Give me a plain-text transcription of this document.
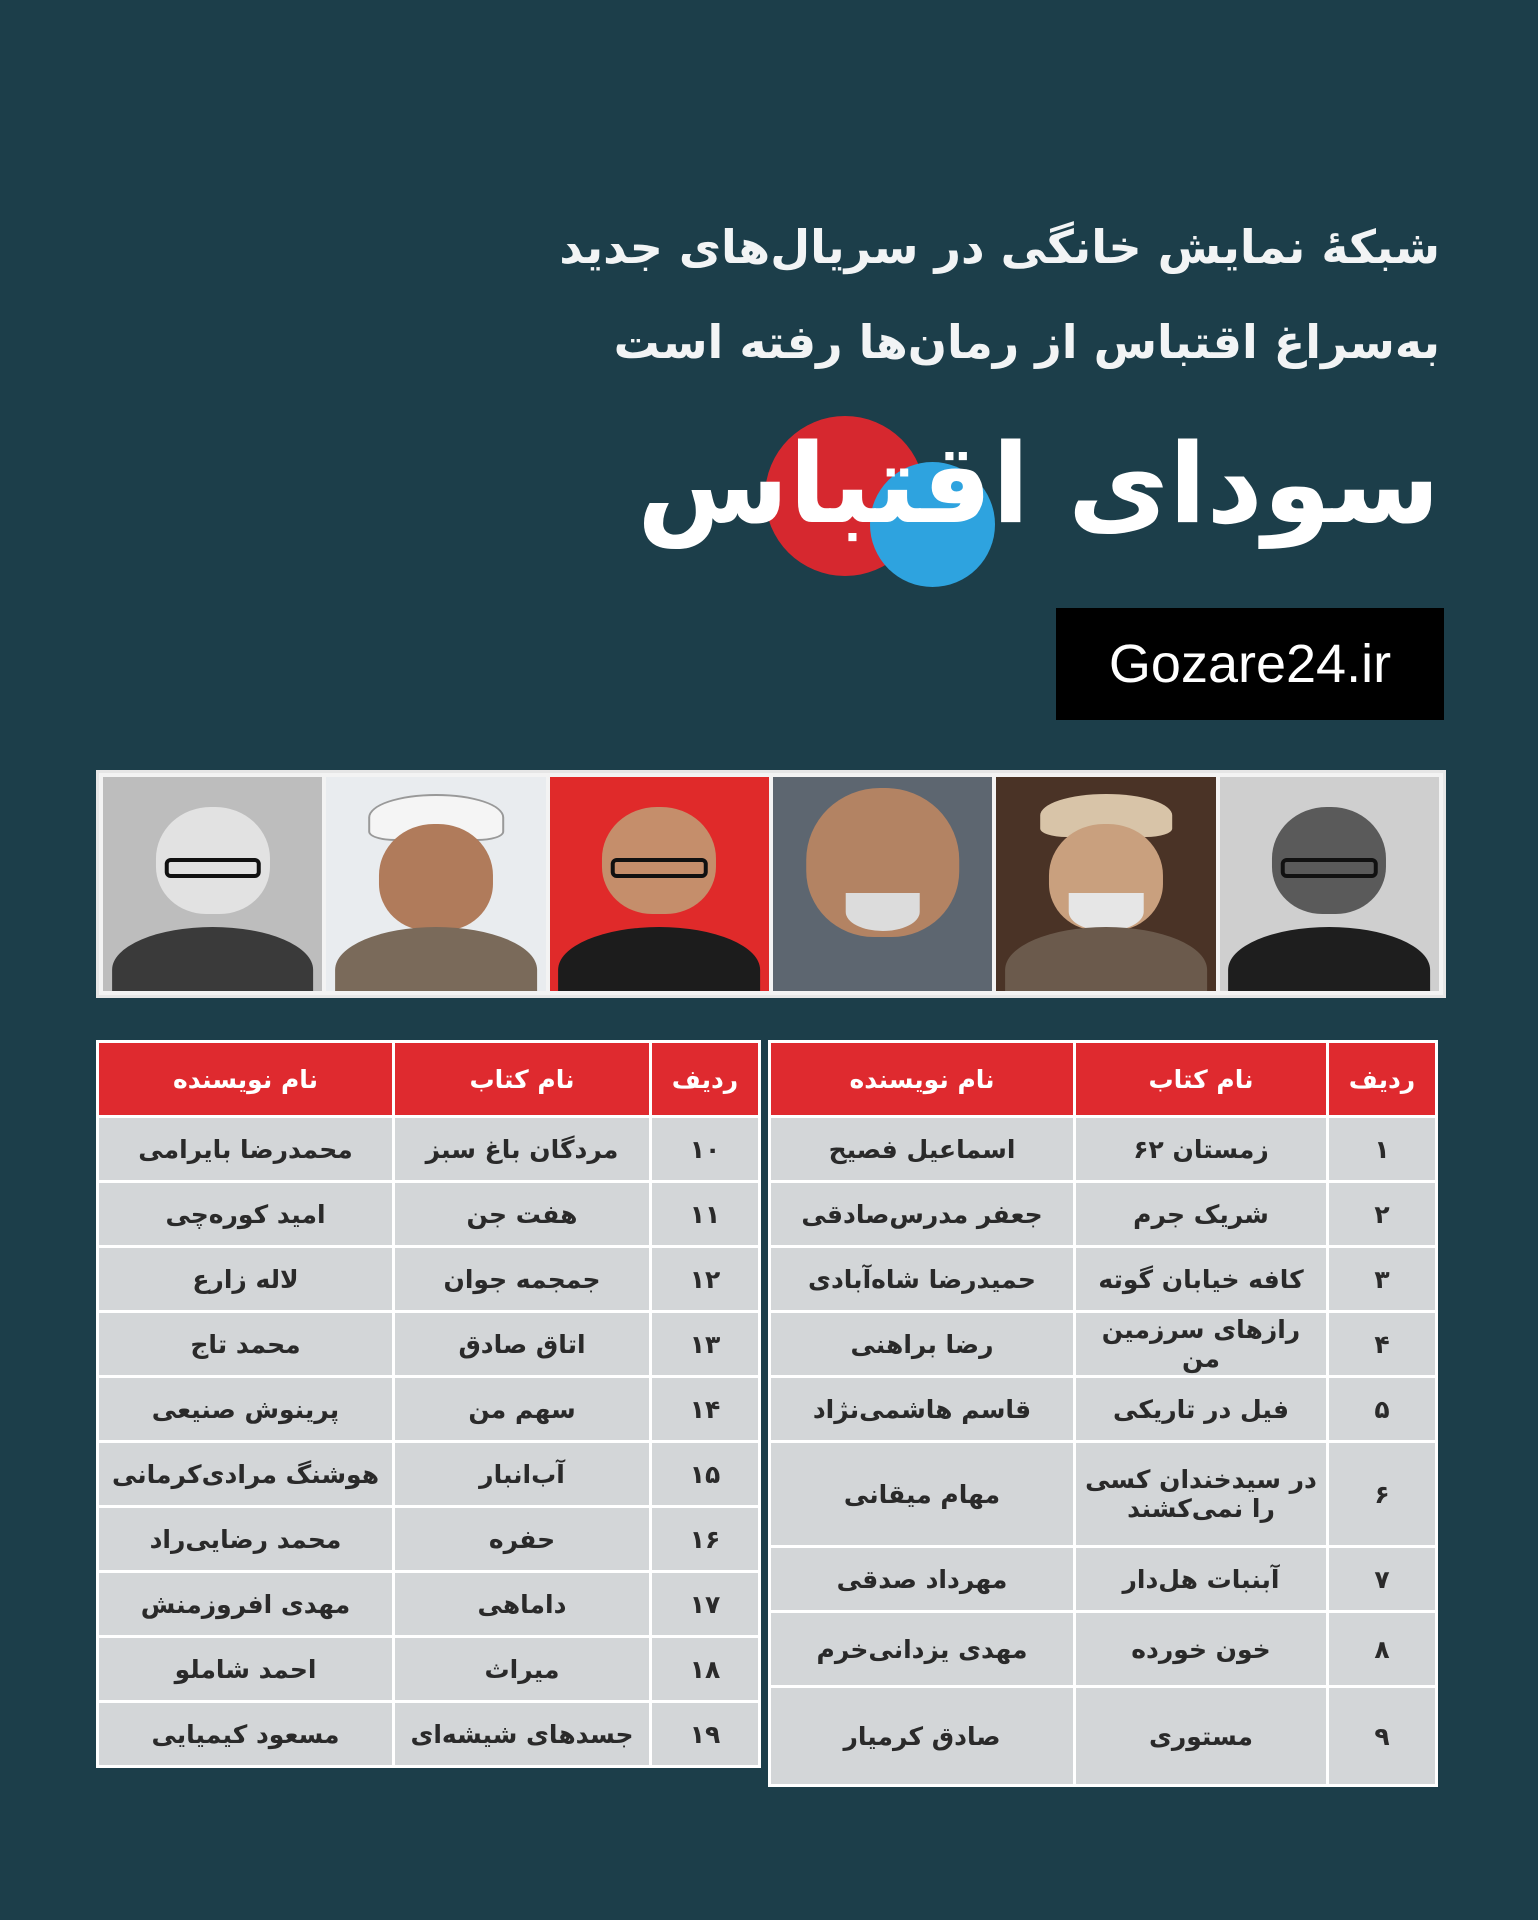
شبکهٔ نمایش خانگی در سریال‌های جدید
به‌سراغ اقتباس از رمان‌ها رفته است
سودای اقتباس
Gozare24.ir
ردیف	نام کتاب	نام نویسنده
۱	زمستان ۶۲	اسماعیل فصیح
۲	شریک جرم	جعفر مدرس‌صادقی
۳	کافه خیابان گوته	حمیدرضا شاه‌آبادی
۴	رازهای سرزمین من	رضا براهنی
۵	فیل در تاریکی	قاسم هاشمی‌نژاد
۶	در سیدخندان کسی را نمی‌کشند	مهام میقانی
۷	آبنبات هل‌دار	مهرداد صدقی
۸	خون خورده	مهدی یزدانی‌خرم
۹	مستوری	صادق کرمیار
ردیف	نام کتاب	نام نویسنده
۱۰	مردگان باغ سبز	محمدرضا بایرامی
۱۱	هفت جن	امید کوره‌چی
۱۲	جمجمه جوان	لاله زارع
۱۳	اتاق صادق	محمد تاج
۱۴	سهم من	پرینوش صنیعی
۱۵	آب‌انبار	هوشنگ مرادی‌کرمانی
۱۶	حفره	محمد رضایی‌راد
۱۷	داماهی	مهدی افروزمنش
۱۸	میراث	احمد شاملو
۱۹	جسدهای شیشه‌ای	مسعود کیمیایی
